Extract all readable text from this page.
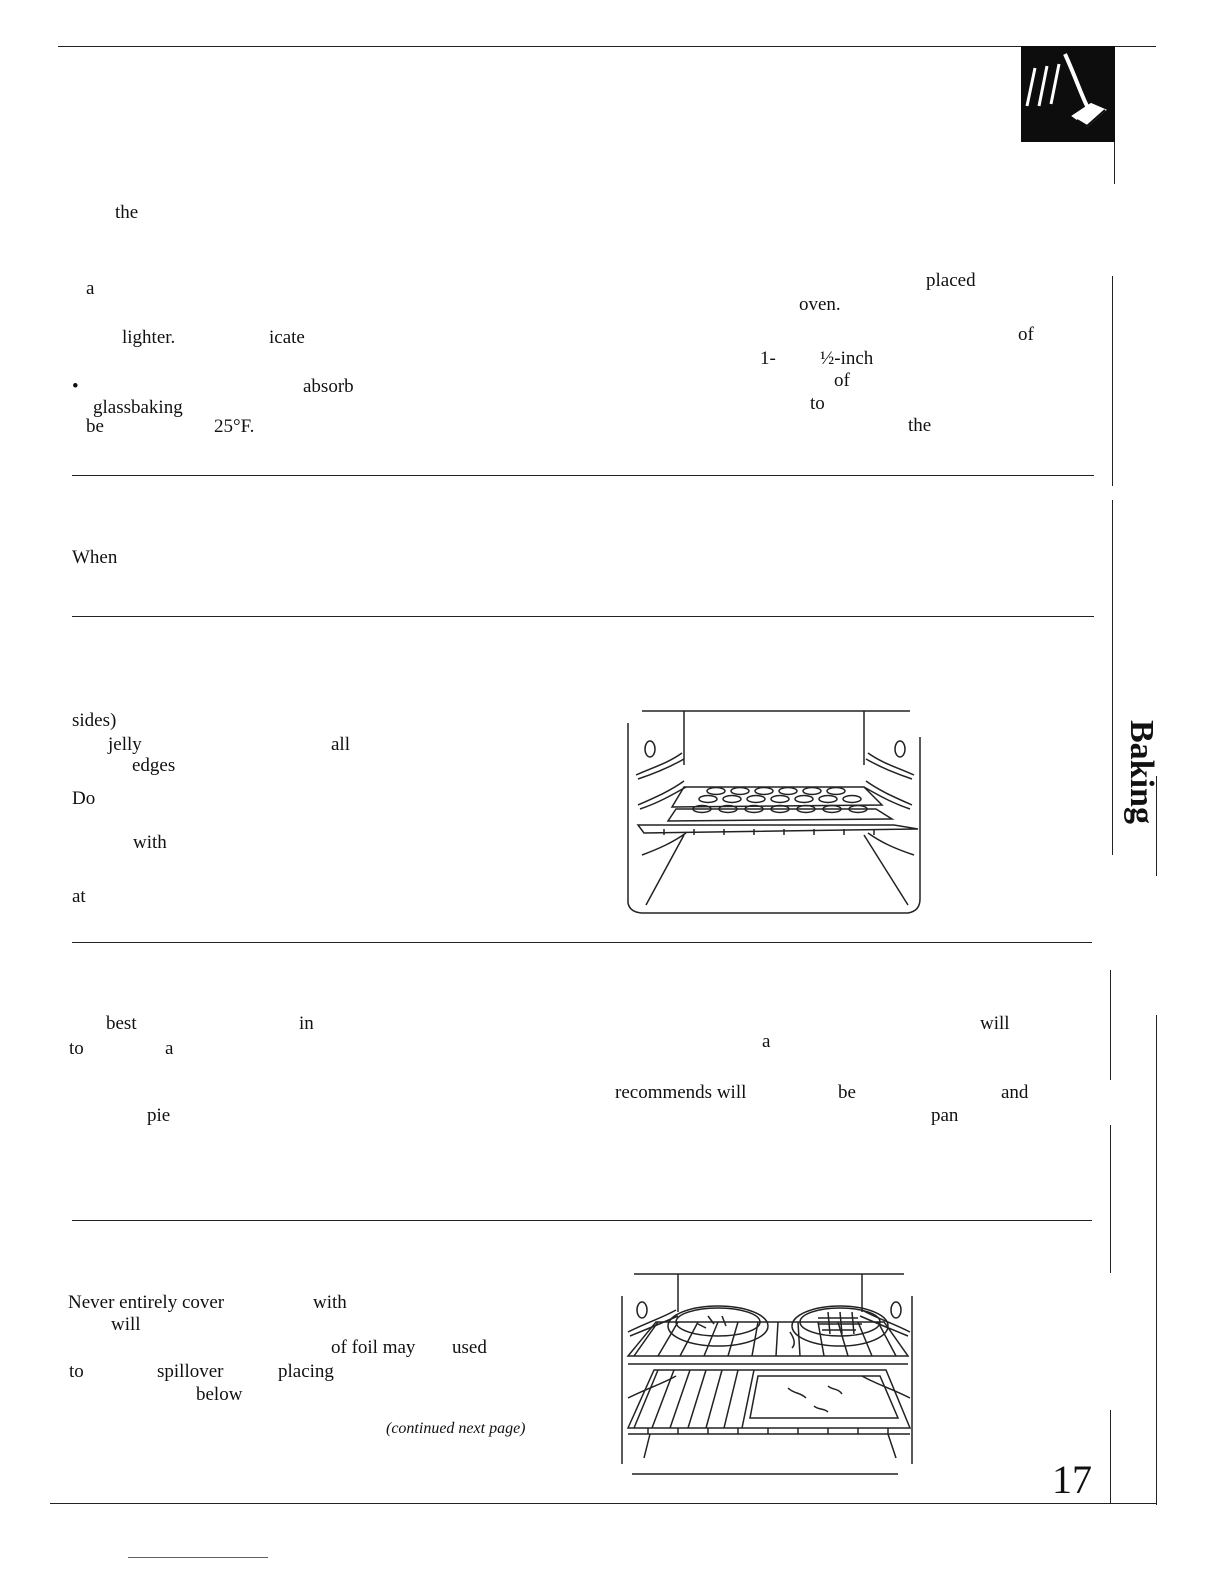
Baking
the
a	placed
oven.
lighter.	icate	of
1- ½-inch
•	absorb	of
glassbaking	to
be	25°F.	the
When
sides)
jelly	all
edges
Do
with
at
best	in	will
to	a	a
recommends will	be	and
pie	pan
Never entirely cover	with
will
of foil may used
to	spillover	placing
below
(continued next page)
17
